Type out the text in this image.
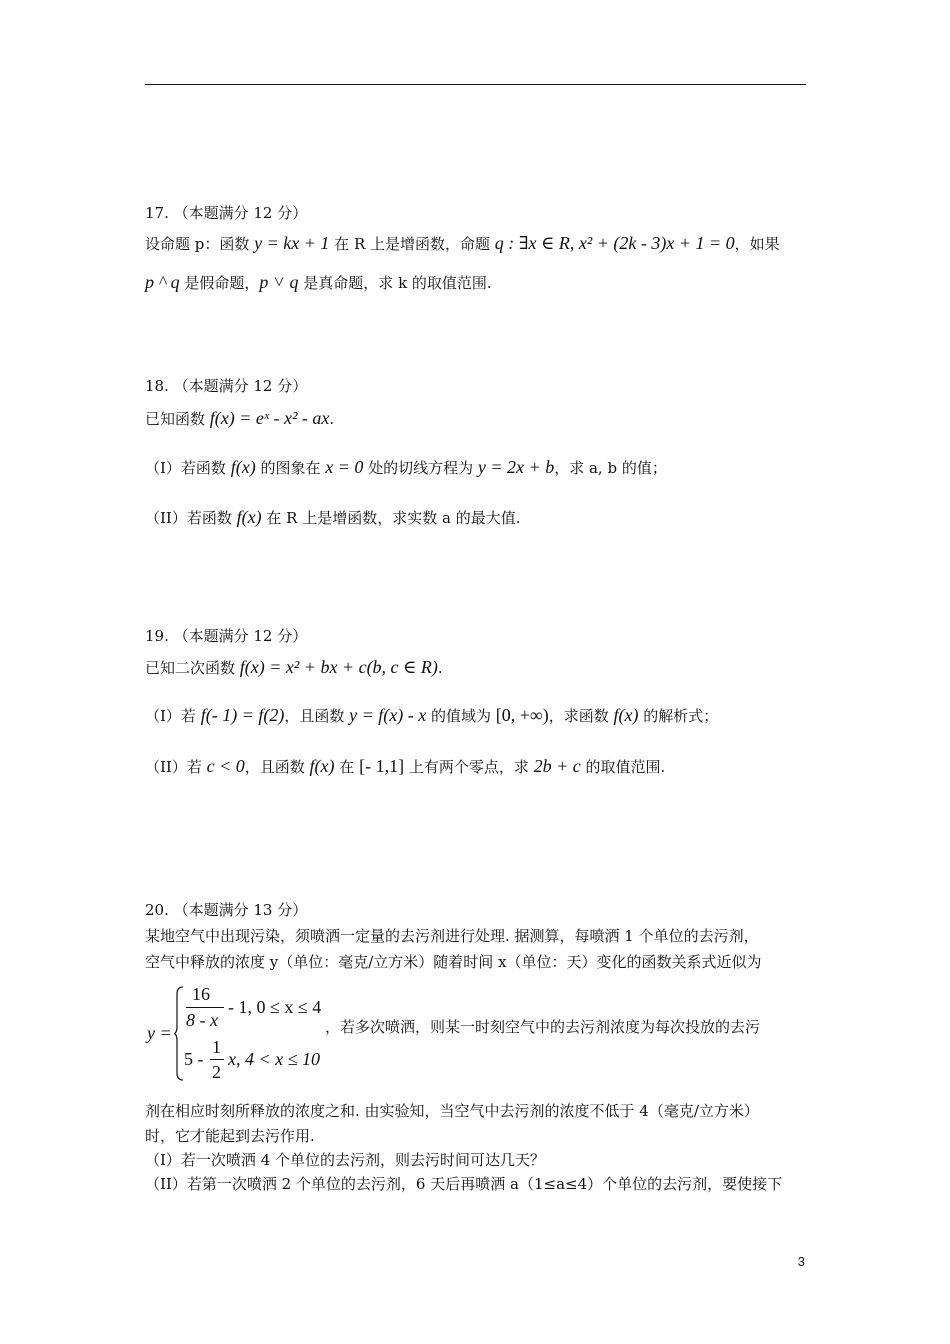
17. （本题满分 12 分）
设命题 p：函数 y = kx + 1 在 R 上是增函数，命题 q : ∃x ∈ R, x² + (2k - 3)x + 1 = 0，如果
p ^ q 是假命题，p ˅ q 是真命题，求 k 的取值范围.
18. （本题满分 12 分）
已知函数 f(x) = eˣ - x² - ax.
（I）若函数 f(x) 的图象在 x = 0 处的切线方程为 y = 2x + b，求 a, b 的值；
（II）若函数 f(x) 在 R 上是增函数，求实数 a 的最大值.
19. （本题满分 12 分）
已知二次函数 f(x) = x² + bx + c(b, c ∈ R).
（I）若 f(- 1) = f(2)，且函数 y = f(x) - x 的值域为 [0, +∞)，求函数 f(x) 的解析式；
（II）若 c < 0，且函数 f(x) 在 [- 1,1] 上有两个零点，求 2b + c 的取值范围.
20. （本题满分 13 分）
某地空气中出现污染，须喷洒一定量的去污剂进行处理. 据测算，每喷洒 1 个单位的去污剂，
空气中释放的浓度 y（单位：毫克/立方米）随着时间 x（单位：天）变化的函数关系式近似为
y =
16
8 - x
- 1, 0 ≤ x ≤ 4
5 -
1
2
x, 4 < x ≤ 10
，若多次喷洒，则某一时刻空气中的去污剂浓度为每次投放的去污
剂在相应时刻所释放的浓度之和. 由实验知，当空气中去污剂的浓度不低于 4（毫克/立方米）
时，它才能起到去污作用.
（I）若一次喷洒 4 个单位的去污剂，则去污时间可达几天？
（II）若第一次喷洒 2 个单位的去污剂，6 天后再喷洒 a（1≤a≤4）个单位的去污剂，要使接下
3
